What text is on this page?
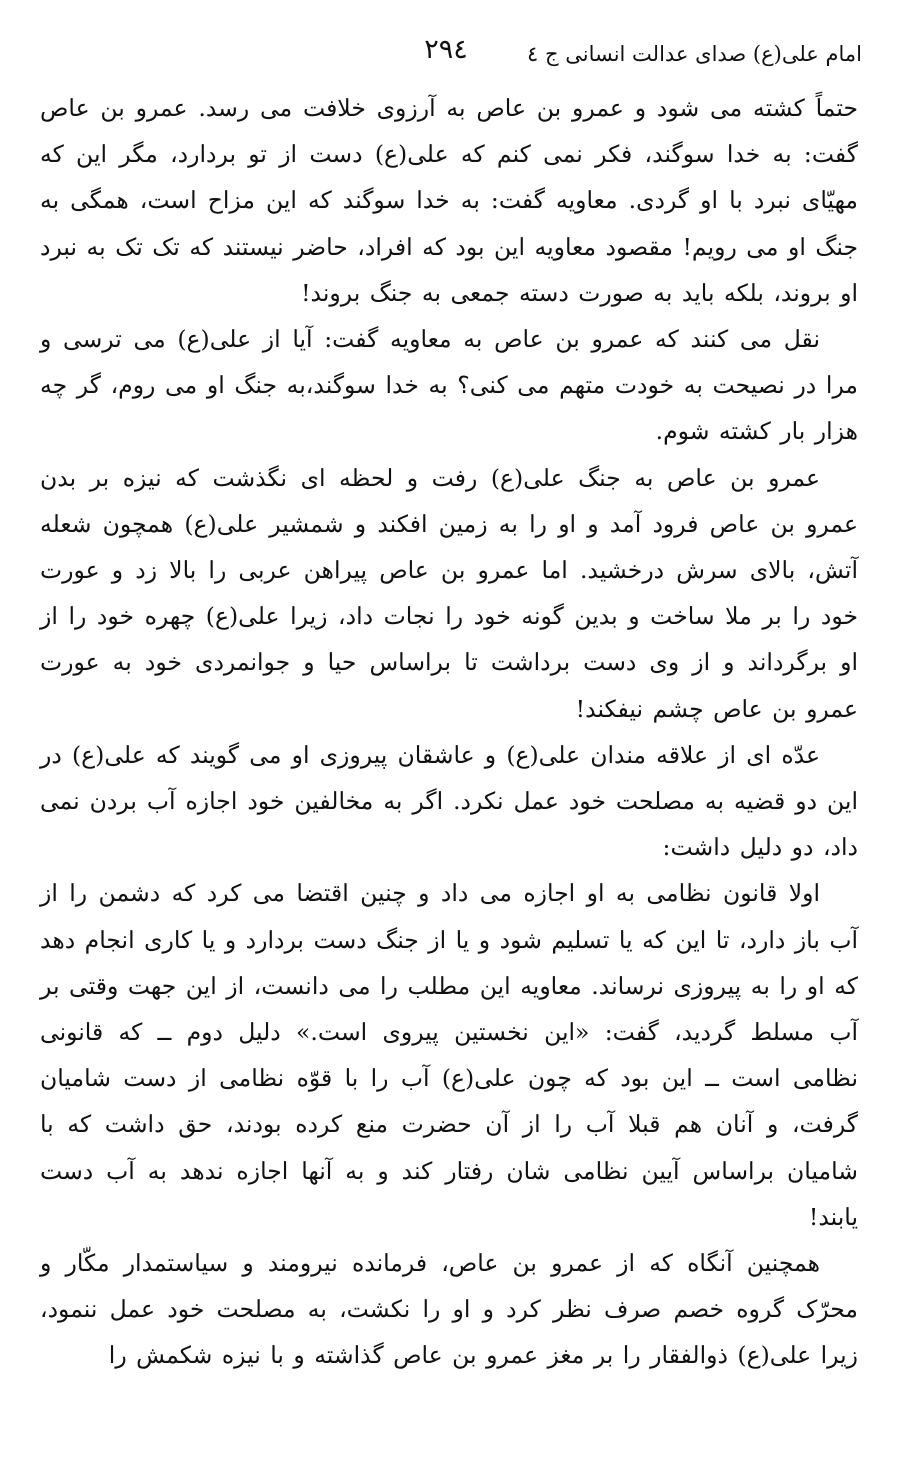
۲۹٤	امام علی(ع) صدای عدالت انسانی ج ٤

حتماً کشته می شود و عمرو بن عاص به آرزوی خلافت می رسد. عمرو بن عاص گفت: به خدا سوگند، فکر نمی کنم که علی(ع) دست از تو بردارد، مگر این که مهیّای نبرد با او گردی. معاویه گفت: به خدا سوگند که این مزاح است، همگی به جنگ او می رویم! مقصود معاویه این بود که افراد، حاضر نیستند که تک تک به نبرد او بروند، بلکه باید به صورت دسته جمعی به جنگ بروند!

نقل می کنند که عمرو بن عاص به معاویه گفت: آیا از علی(ع) می ترسی و مرا در نصیحت به خودت متهم می کنی؟ به خدا سوگند،به جنگ او می روم، گر چه هزار بار کشته شوم.

عمرو بن عاص به جنگ علی(ع) رفت و لحظه ای نگذشت که نیزه بر بدن عمرو بن عاص فرود آمد و او را به زمین افکند و شمشیر علی(ع) همچون شعله آتش، بالای سرش درخشید. اما عمرو بن عاص پیراهن عربی را بالا زد و عورت خود را بر ملا ساخت و بدین گونه خود را نجات داد، زیرا علی(ع) چهره خود را از او برگرداند و از وی دست برداشت تا براساس حیا و جوانمردی خود به عورت عمرو بن عاص چشم نیفکند!

عدّه ای از علاقه مندان علی(ع) و عاشقان پیروزی او می گویند که علی(ع) در این دو قضیه به مصلحت خود عمل نکرد. اگر به مخالفین خود اجازه آب بردن نمی داد، دو دلیل داشت:

اولا قانون نظامی به او اجازه می داد و چنین اقتضا می کرد که دشمن را از آب باز دارد، تا این که یا تسلیم شود و یا از جنگ دست بردارد و یا کاری انجام دهد که او را به پیروزی نرساند. معاویه این مطلب را می دانست، از این جهت وقتی بر آب مسلط گردید، گفت: «این نخستین پیروی است.» دلیل دوم ــ که قانونی نظامی است ــ این بود که چون علی(ع) آب را با قوّه نظامی از دست شامیان گرفت، و آنان هم قبلا آب را از آن حضرت منع کرده بودند، حق داشت که با شامیان براساس آیین نظامی شان رفتار کند و به آنها اجازه ندهد به آب دست یابند!

همچنین آنگاه که از عمرو بن عاص، فرمانده نیرومند و سیاستمدار مکّار و محرّک گروه خصم صرف نظر کرد و او را نکشت، به مصلحت خود عمل ننمود، زیرا علی(ع) ذوالفقار را بر مغز عمرو بن عاص گذاشته و با نیزه شکمش را
